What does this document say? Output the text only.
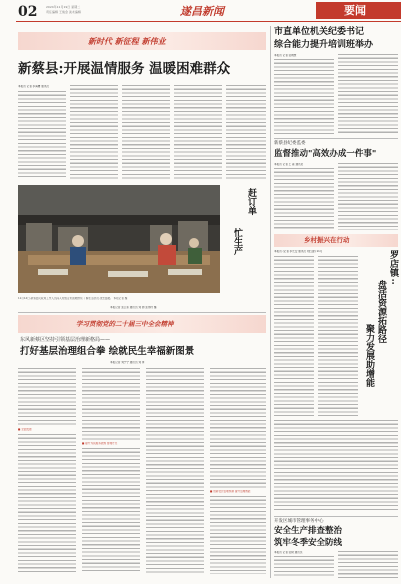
02	2024年11月19日 星期二
责任编辑 王焕金 美术编辑	遂昌新闻	要闻
新时代 新征程 新伟业
新蔡县:开展温情服务 温暖困难群众
本报讯 记者 李海鹰 通讯员
赶订单
忙生产
11月14日,新蔡县民政局工作人员深入村组走访困难群众,了解生活状况,送去温暖。 本报记者 摄
本报记者 张卫东 通讯员 刘 迪 张伟玲 摄
学习贯彻党的二十届三中全会精神
东风新蔡区坚持引领基层治理新格局——
打好基层治理组合拳 绘就民生幸福新图景
本报记者 刘宁宁 通讯员 刘 琦
■ 全面发展
■ 提升为民服务质效 管理方式
■ 创新社会治理机制 提升治理效能
市直单位机关纪委书记
综合能力提升培训班举办
本报讯 记者 张晓慧
新蔡县纪委监委
监督推动"高效办成一件事"
本报讯 记者 王 森 通讯员
乡村振兴在行动
本报讯 (记者 李长安 通讯员 刘红建) 11月	罗店镇:
盘活资源拓路径
聚力发展助增能
开发区城市管理事务中心
安全生产排查整治
筑牢冬季安全防线
本报讯 记者 张树 通讯员
